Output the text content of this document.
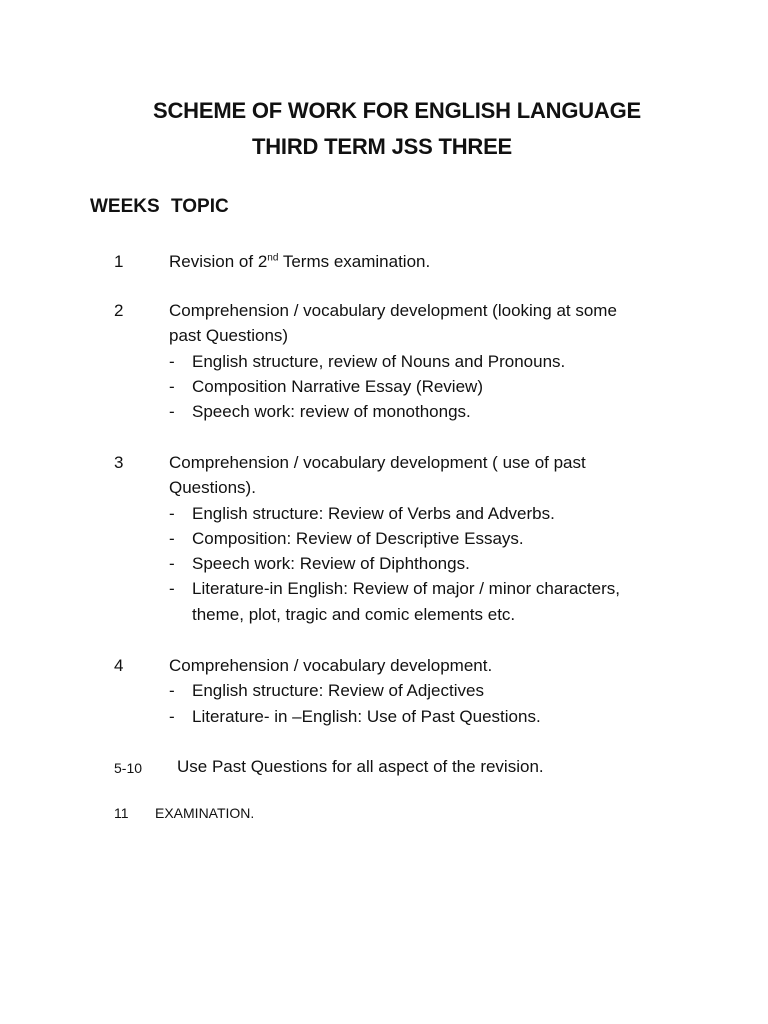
SCHEME OF WORK FOR ENGLISH LANGUAGE
THIRD TERM JSS THREE
WEEKS TOPIC
1	Revision of 2nd Terms examination.
2	Comprehension / vocabulary development (looking at some
past Questions)
- English structure, review of Nouns and Pronouns.
- Composition Narrative Essay (Review)
- Speech work: review of monothongs.
3	Comprehension / vocabulary development ( use of past
Questions).
- English structure: Review of Verbs and Adverbs.
- Composition: Review of Descriptive Essays.
- Speech work: Review of Diphthongs.
- Literature-in English: Review of major / minor characters, theme, plot, tragic and comic elements etc.
4	Comprehension / vocabulary development.
- English structure: Review of Adjectives
- Literature- in –English: Use of Past Questions.
5-10 Use Past Questions for all aspect of the revision.
11 EXAMINATION.
